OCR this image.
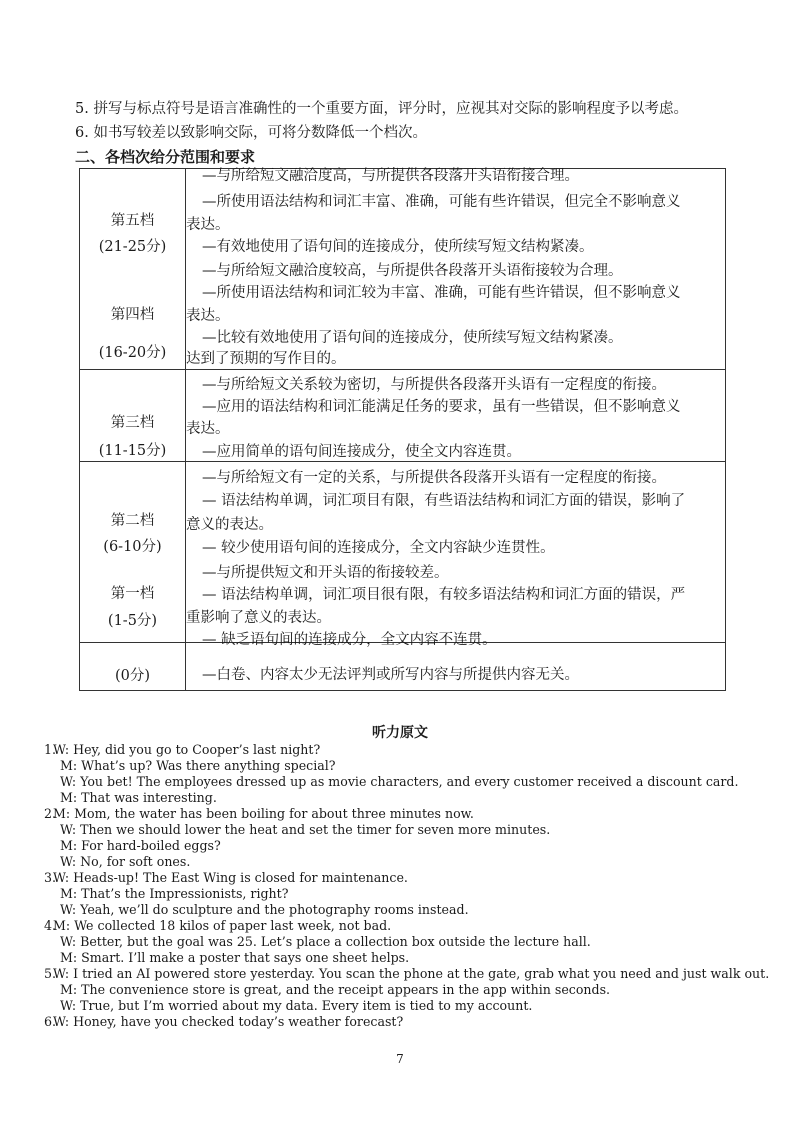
5. 拼写与标点符号是语言准确性的一个重要方面，评分时，应视其对交际的影响程度予以考虑。
6. 如书写较差以致影响交际，可将分数降低一个档次。
二、各档次给分范围和要求
第五档
(21-25分)
—与所给短文融洽度高，与所提供各段落开头语衔接合理。
—所使用语法结构和词汇丰富、准确，可能有些许错误，但完全不影响意义
表达。
—有效地使用了语句间的连接成分，使所续写短文结构紧凑。
第四档
(16-20分)
—与所给短文融洽度较高，与所提供各段落开头语衔接较为合理。
—所使用语法结构和词汇较为丰富、准确，可能有些许错误，但不影响意义
表达。
—比较有效地使用了语句间的连接成分，使所续写短文结构紧凑。
达到了预期的写作目的。
第三档
(11-15分)
—与所给短文关系较为密切，与所提供各段落开头语有一定程度的衔接。
—应用的语法结构和词汇能满足任务的要求，虽有一些错误，但不影响意义
表达。
—应用简单的语句间连接成分，使全文内容连贯。
第二档
(6-10分)
—与所给短文有一定的关系，与所提供各段落开头语有一定程度的衔接。
— 语法结构单调，词汇项目有限，有些语法结构和词汇方面的错误，影响了
意义的表达。
— 较少使用语句间的连接成分，全文内容缺少连贯性。
第一档
(1-5分)
—与所提供短文和开头语的衔接较差。
— 语法结构单调，词汇项目很有限，有较多语法结构和词汇方面的错误，严
重影响了意义的表达。
— 缺乏语句间的连接成分，全文内容不连贯。
(0分)	—白卷、内容太少无法评判或所写内容与所提供内容无关。
听力原文
1.
W: Hey, did you go to Cooper’s last night?
M: What’s up? Was there anything special?
W: You bet! The employees dressed up as movie characters, and every customer received a discount card.
M: That was interesting.
2.
M: Mom, the water has been boiling for about three minutes now.
W: Then we should lower the heat and set the timer for seven more minutes.
M: For hard-boiled eggs?
W: No, for soft ones.
3.
W: Heads-up! The East Wing is closed for maintenance.
M: That’s the Impressionists, right?
W: Yeah, we’ll do sculpture and the photography rooms instead.
4.
M: We collected 18 kilos of paper last week, not bad.
W: Better, but the goal was 25. Let’s place a collection box outside the lecture hall.
M: Smart. I’ll make a poster that says one sheet helps.
5.
W: I tried an AI powered store yesterday. You scan the phone at the gate, grab what you need and just walk out.
M: The convenience store is great, and the receipt appears in the app within seconds.
W: True, but I’m worried about my data. Every item is tied to my account.
6.
W: Honey, have you checked today’s weather forecast?
7
